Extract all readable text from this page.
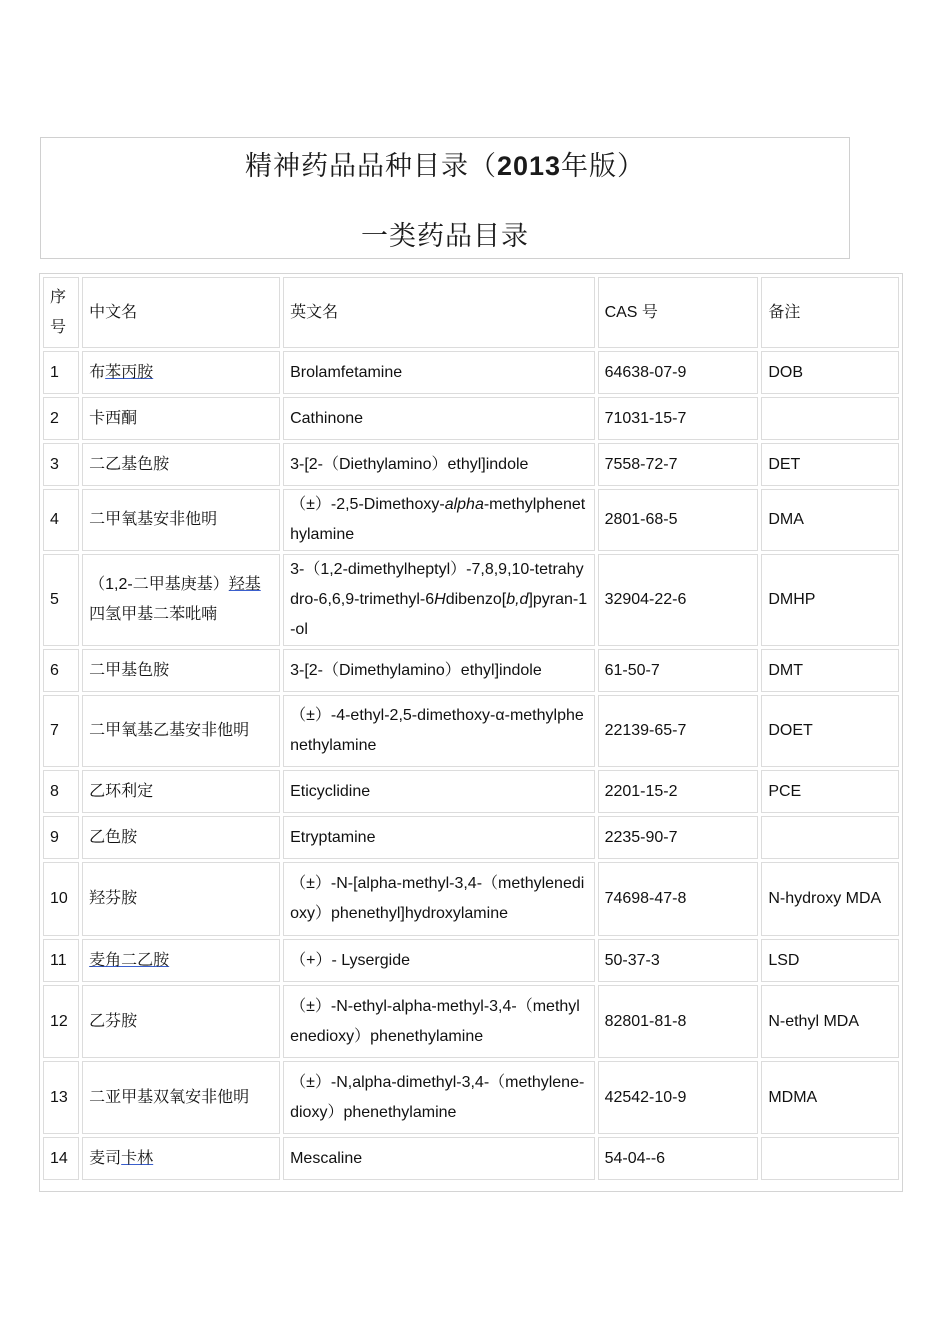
精神药品品种目录（2013年版）
一类药品目录
序号	中文名	英文名	CAS 号	备注
1	布苯丙胺	Brolamfetamine	64638-07-9	DOB
2	卡西酮	Cathinone	71031-15-7	
3	二乙基色胺	3-[2-（Diethylamino）ethyl]indole	7558-72-7	DET
4	二甲氧基安非他明	（±）-2,5-Dimethoxy-alpha-methylphenethylamine	2801-68-5	DMA
5	（1,2-二甲基庚基）羟基四氢甲基二苯吡喃	3-（1,2-dimethylheptyl）-7,8,9,10-tetrahydro-6,6,9-trimethyl-6Hdibenzo[b,d]pyran-1-ol	32904-22-6	DMHP
6	二甲基色胺	3-[2-（Dimethylamino）ethyl]indole	61-50-7	DMT
7	二甲氧基乙基安非他明	（±）-4-ethyl-2,5-dimethoxy-α-methylphenethylamine	22139-65-7	DOET
8	乙环利定	Eticyclidine	2201-15-2	PCE
9	乙色胺	Etryptamine	2235-90-7	
10	羟芬胺	（±）-N-[alpha-methyl-3,4-（methylenedioxy）phenethyl]hydroxylamine	74698-47-8	N-hydroxy MDA
11	麦角二乙胺	（+）- Lysergide	50-37-3	LSD
12	乙芬胺	（±）-N-ethyl-alpha-methyl-3,4-（methylenedioxy）phenethylamine	82801-81-8	N-ethyl MDA
13	二亚甲基双氧安非他明	（±）-N,alpha-dimethyl-3,4-（methylene-dioxy）phenethylamine	42542-10-9	MDMA
14	麦司卡林	Mescaline	54-04--6	
